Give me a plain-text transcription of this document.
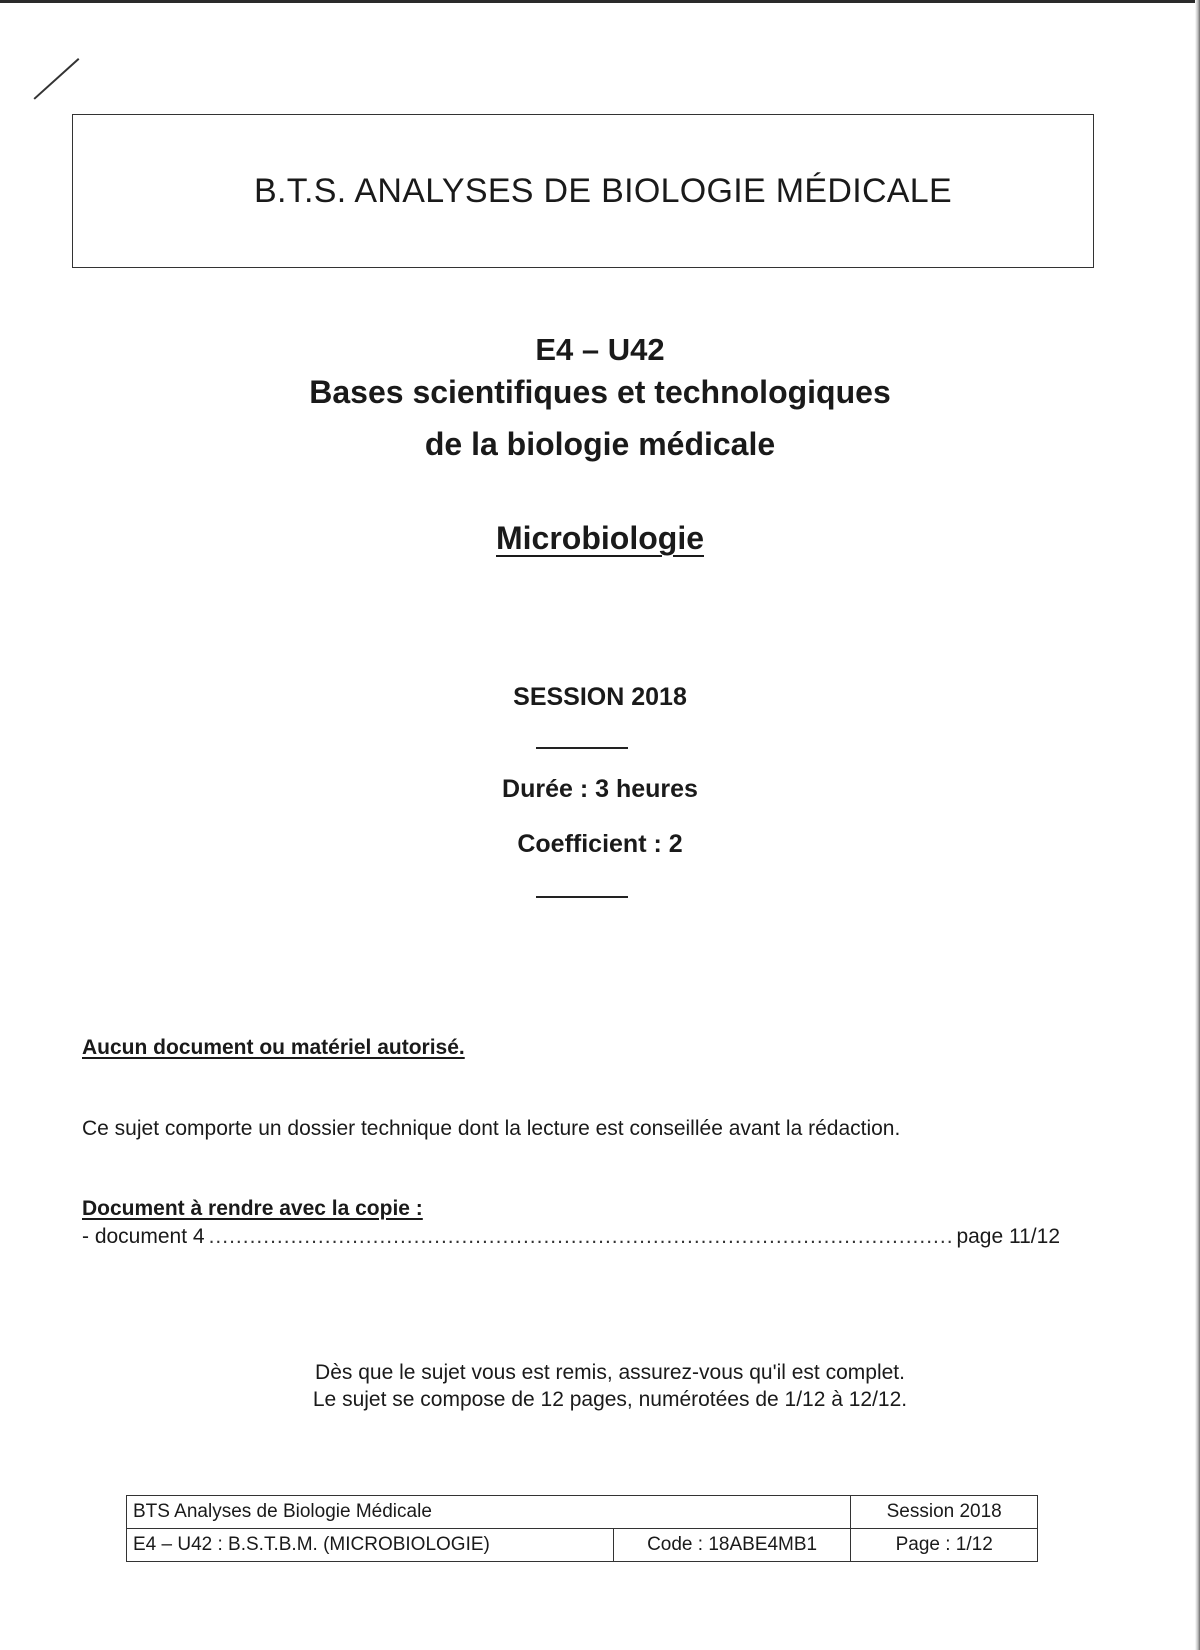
B.T.S. ANALYSES DE BIOLOGIE MÉDICALE
E4 – U42
Bases scientifiques et technologiques
de la biologie médicale
Microbiologie
SESSION 2018
Durée : 3 heures
Coefficient : 2
Aucun document ou matériel autorisé.
Ce sujet comporte un dossier technique dont la lecture est conseillée avant la rédaction.
Document à rendre avec la copie :
- document 4 .....	page 11/12
Dès que le sujet vous est remis, assurez-vous qu'il est complet.
Le sujet se compose de 12 pages, numérotées de 1/12 à 12/12.
BTS Analyses de Biologie Médicale		Session 2018
E4 – U42 : B.S.T.B.M. (MICROBIOLOGIE)	Code : 18ABE4MB1	Page : 1/12
